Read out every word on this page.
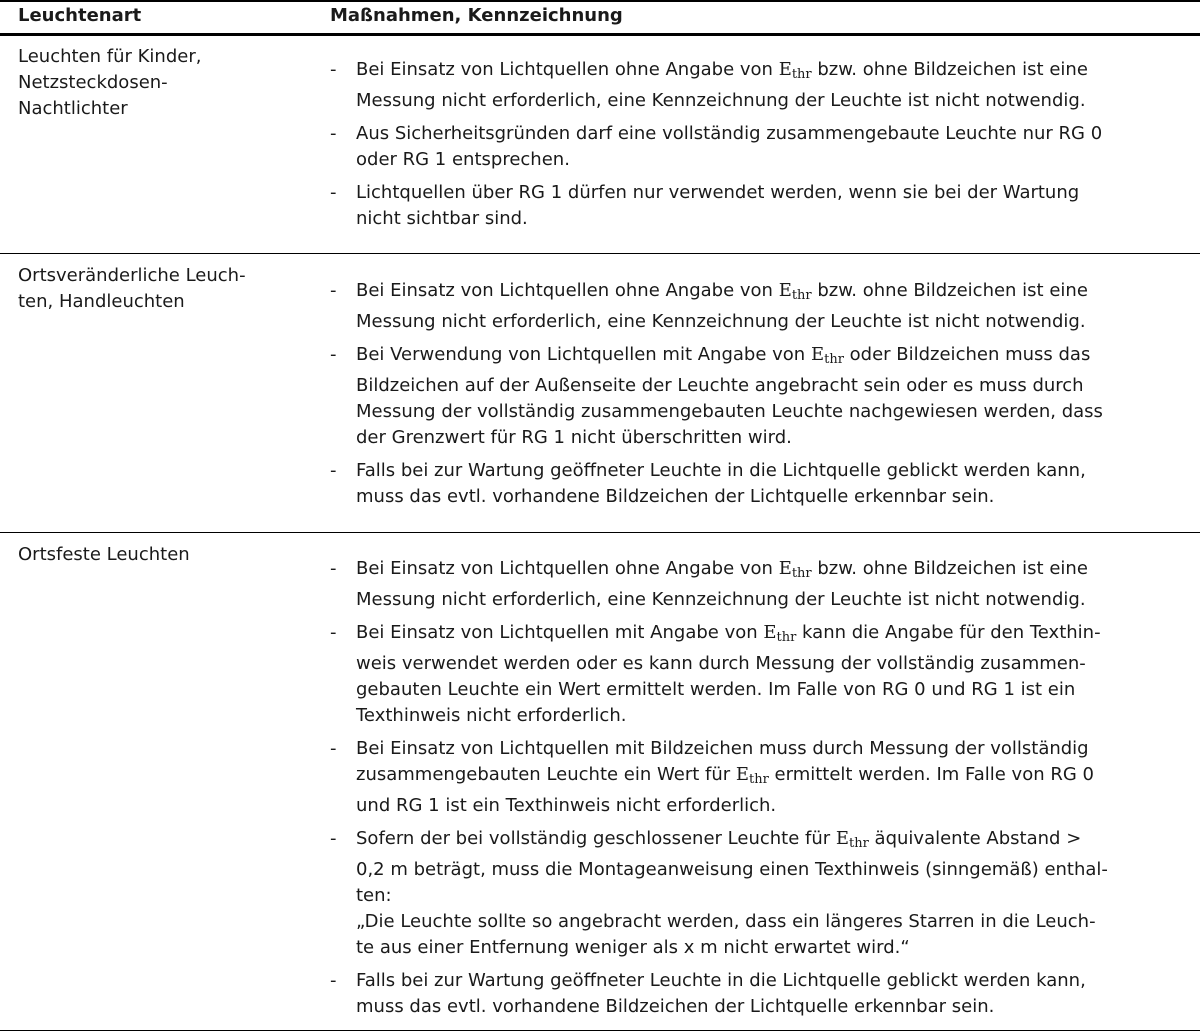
Leuchtenart	Maßnahmen, Kennzeichnung
Leuchten für Kinder,
Netzsteckdosen-
Nachtlichter
- Bei Einsatz von Lichtquellen ohne Angabe von $E_{thr}$ bzw. ohne Bildzeichen ist eine
Messung nicht erforderlich, eine Kennzeichnung der Leuchte ist nicht notwendig.
- Aus Sicherheitsgründen darf eine vollständig zusammengebaute Leuchte nur RG 0
oder RG 1 entsprechen.
- Lichtquellen über RG 1 dürfen nur verwendet werden, wenn sie bei der Wartung
nicht sichtbar sind.
Ortsveränderliche Leuch-
ten, Handleuchten
- Bei Einsatz von Lichtquellen ohne Angabe von $E_{thr}$ bzw. ohne Bildzeichen ist eine
Messung nicht erforderlich, eine Kennzeichnung der Leuchte ist nicht notwendig.
- Bei Verwendung von Lichtquellen mit Angabe von $E_{thr}$ oder Bildzeichen muss das
Bildzeichen auf der Außenseite der Leuchte angebracht sein oder es muss durch
Messung der vollständig zusammengebauten Leuchte nachgewiesen werden, dass
der Grenzwert für RG 1 nicht überschritten wird.
- Falls bei zur Wartung geöffneter Leuchte in die Lichtquelle geblickt werden kann,
muss das evtl. vorhandene Bildzeichen der Lichtquelle erkennbar sein.
Ortsfeste Leuchten
- Bei Einsatz von Lichtquellen ohne Angabe von $E_{thr}$ bzw. ohne Bildzeichen ist eine
Messung nicht erforderlich, eine Kennzeichnung der Leuchte ist nicht notwendig.
- Bei Einsatz von Lichtquellen mit Angabe von $E_{thr}$ kann die Angabe für den Texthin-
weis verwendet werden oder es kann durch Messung der vollständig zusammen-
gebauten Leuchte ein Wert ermittelt werden. Im Falle von RG 0 und RG 1 ist ein
Texthinweis nicht erforderlich.
- Bei Einsatz von Lichtquellen mit Bildzeichen muss durch Messung der vollständig
zusammengebauten Leuchte ein Wert für $E_{thr}$ ermittelt werden. Im Falle von RG 0
und RG 1 ist ein Texthinweis nicht erforderlich.
- Sofern der bei vollständig geschlossener Leuchte für $E_{thr}$ äquivalente Abstand >
0,2 m beträgt, muss die Montageanweisung einen Texthinweis (sinngemäß) enthal-
ten:
„Die Leuchte sollte so angebracht werden, dass ein längeres Starren in die Leuch-
te aus einer Entfernung weniger als x m nicht erwartet wird.“
- Falls bei zur Wartung geöffneter Leuchte in die Lichtquelle geblickt werden kann,
muss das evtl. vorhandene Bildzeichen der Lichtquelle erkennbar sein.
